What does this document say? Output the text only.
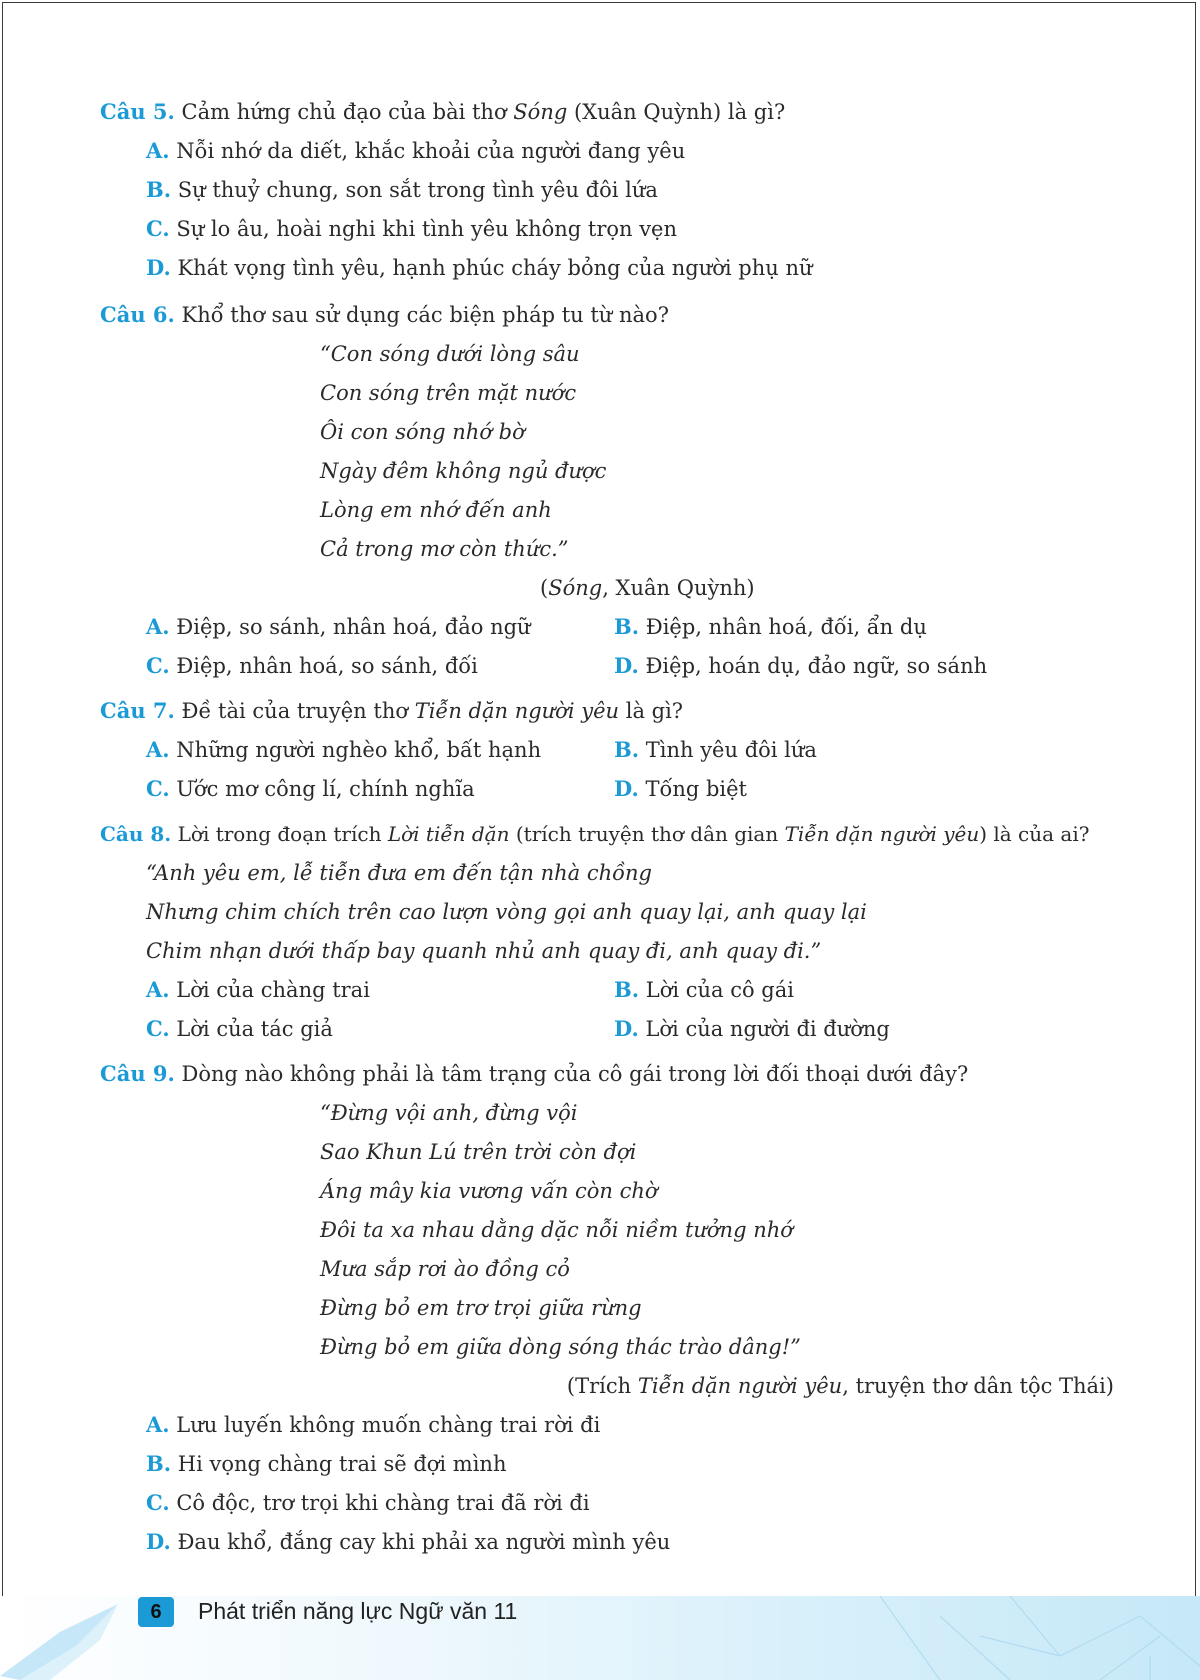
Câu 5. Cảm hứng chủ đạo của bài thơ Sóng (Xuân Quỳnh) là gì?
A. Nỗi nhớ da diết, khắc khoải của người đang yêu
B. Sự thuỷ chung, son sắt trong tình yêu đôi lứa
C. Sự lo âu, hoài nghi khi tình yêu không trọn vẹn
D. Khát vọng tình yêu, hạnh phúc cháy bỏng của người phụ nữ
Câu 6. Khổ thơ sau sử dụng các biện pháp tu từ nào?
“Con sóng dưới lòng sâu
Con sóng trên mặt nước
Ôi con sóng nhớ bờ
Ngày đêm không ngủ được
Lòng em nhớ đến anh
Cả trong mơ còn thức.”
(Sóng, Xuân Quỳnh)
A. Điệp, so sánh, nhân hoá, đảo ngữ	B. Điệp, nhân hoá, đối, ẩn dụ
C. Điệp, nhân hoá, so sánh, đối	D. Điệp, hoán dụ, đảo ngữ, so sánh
Câu 7. Đề tài của truyện thơ Tiễn dặn người yêu là gì?
A. Những người nghèo khổ, bất hạnh	B. Tình yêu đôi lứa
C. Ước mơ công lí, chính nghĩa	D. Tống biệt
Câu 8. Lời trong đoạn trích Lời tiễn dặn (trích truyện thơ dân gian Tiễn dặn người yêu) là của ai?
“Anh yêu em, lễ tiễn đưa em đến tận nhà chồng
Nhưng chim chích trên cao lượn vòng gọi anh quay lại, anh quay lại
Chim nhạn dưới thấp bay quanh nhủ anh quay đi, anh quay đi.”
A. Lời của chàng trai	B. Lời của cô gái
C. Lời của tác giả	D. Lời của người đi đường
Câu 9. Dòng nào không phải là tâm trạng của cô gái trong lời đối thoại dưới đây?
“Đừng vội anh, đừng vội
Sao Khun Lú trên trời còn đợi
Áng mây kia vương vấn còn chờ
Đôi ta xa nhau dằng dặc nỗi niềm tưởng nhớ
Mưa sắp rơi ào đồng cỏ
Đừng bỏ em trơ trọi giữa rừng
Đừng bỏ em giữa dòng sóng thác trào dâng!”
(Trích Tiễn dặn người yêu, truyện thơ dân tộc Thái)
A. Lưu luyến không muốn chàng trai rời đi
B. Hi vọng chàng trai sẽ đợi mình
C. Cô độc, trơ trọi khi chàng trai đã rời đi
D. Đau khổ, đắng cay khi phải xa người mình yêu
6	Phát triển năng lực Ngữ văn 11
